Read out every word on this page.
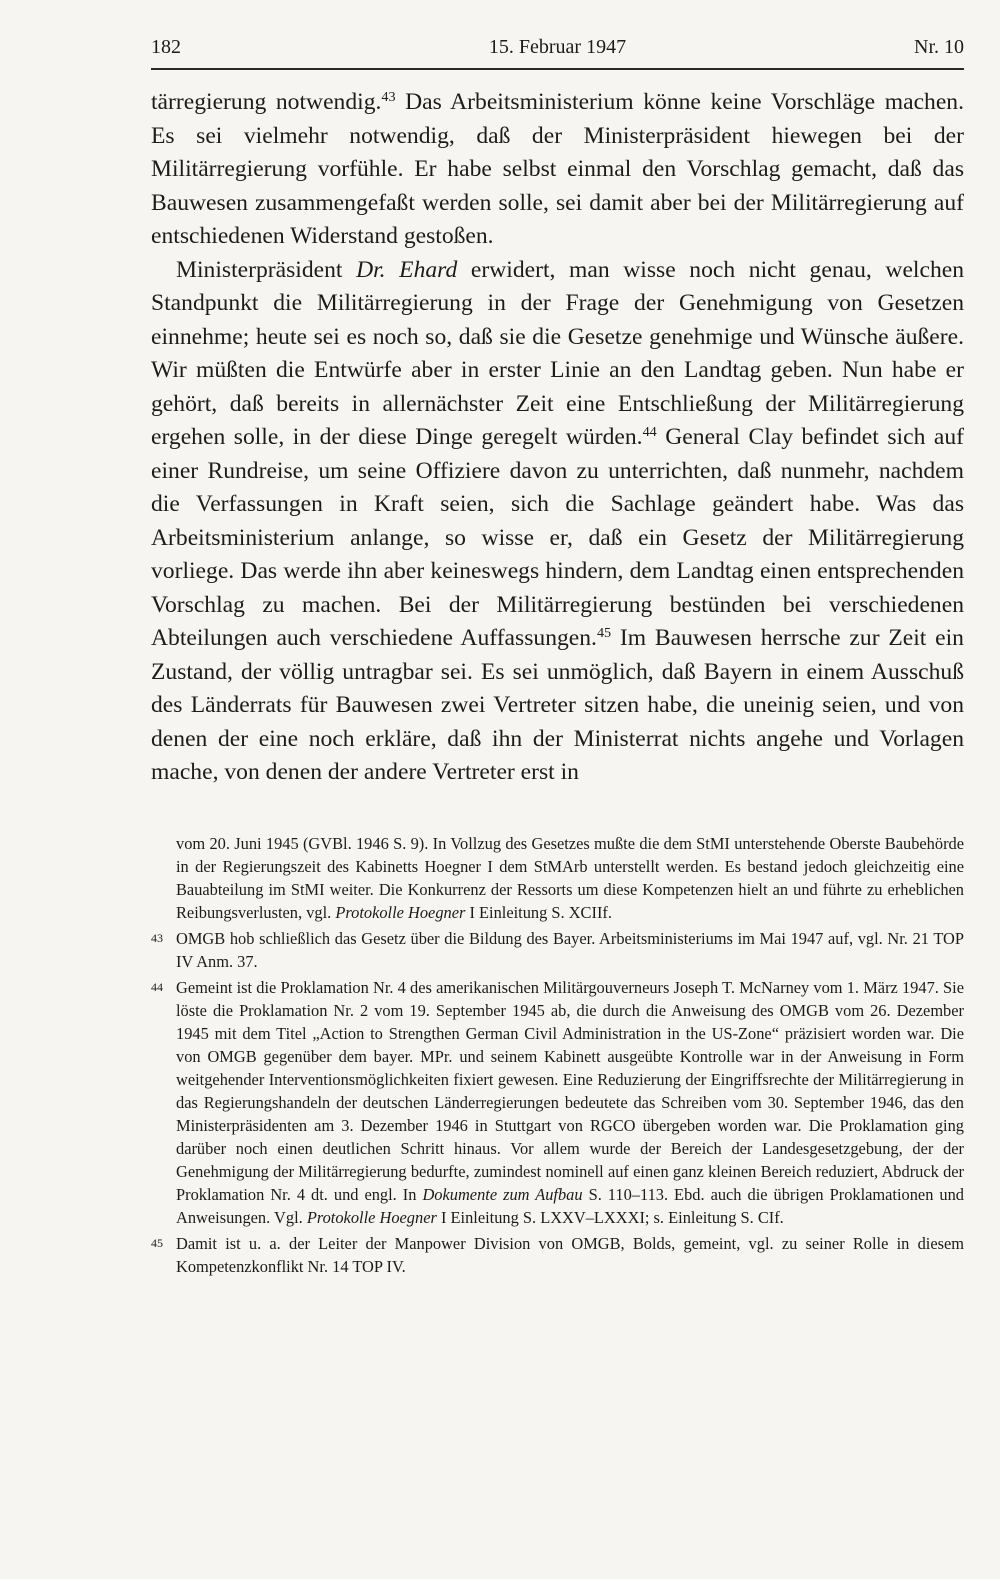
182	15. Februar 1947	Nr. 10

tärregierung notwendig.$^{43}$ Das Arbeitsministerium könne keine Vorschläge machen. Es sei vielmehr notwendig, daß der Ministerpräsident hiewegen bei der Militärregierung vorfühle. Er habe selbst einmal den Vorschlag gemacht, daß das Bauwesen zusammengefaßt werden solle, sei damit aber bei der Militärregierung auf entschiedenen Widerstand gestoßen.

Ministerpräsident Dr. Ehard erwidert, man wisse noch nicht genau, welchen Standpunkt die Militärregierung in der Frage der Genehmigung von Gesetzen einnehme; heute sei es noch so, daß sie die Gesetze genehmige und Wünsche äußere. Wir müßten die Entwürfe aber in erster Linie an den Landtag geben. Nun habe er gehört, daß bereits in allernächster Zeit eine Entschließung der Militärregierung ergehen solle, in der diese Dinge geregelt würden.$^{44}$ General Clay befindet sich auf einer Rundreise, um seine Offiziere davon zu unterrichten, daß nunmehr, nachdem die Verfassungen in Kraft seien, sich die Sachlage geändert habe. Was das Arbeitsministerium anlange, so wisse er, daß ein Gesetz der Militärregierung vorliege. Das werde ihn aber keineswegs hindern, dem Landtag einen entsprechenden Vorschlag zu machen. Bei der Militärregierung bestünden bei verschiedenen Abteilungen auch verschiedene Auffassungen.$^{45}$ Im Bauwesen herrsche zur Zeit ein Zustand, der völlig untragbar sei. Es sei unmöglich, daß Bayern in einem Ausschuß des Länderrats für Bauwesen zwei Vertreter sitzen habe, die uneinig seien, und von denen der eine noch erkläre, daß ihn der Ministerrat nichts angehe und Vorlagen mache, von denen der andere Vertreter erst in

vom 20. Juni 1945 (GVBl. 1946 S. 9). In Vollzug des Gesetzes mußte die dem StMI unterstehende Oberste Baubehörde in der Regierungszeit des Kabinetts Hoegner I dem StMArb unterstellt werden. Es bestand jedoch gleichzeitig eine Bauabteilung im StMI weiter. Die Konkurrenz der Ressorts um diese Kompetenzen hielt an und führte zu erheblichen Reibungsverlusten, vgl. Protokolle Hoegner I Einleitung S. XCIIf.
43 OMGB hob schließlich das Gesetz über die Bildung des Bayer. Arbeitsministeriums im Mai 1947 auf, vgl. Nr. 21 TOP IV Anm. 37.
44 Gemeint ist die Proklamation Nr. 4 des amerikanischen Militärgouverneurs Joseph T. McNarney vom 1. März 1947. Sie löste die Proklamation Nr. 2 vom 19. September 1945 ab, die durch die Anweisung des OMGB vom 26. Dezember 1945 mit dem Titel „Action to Strengthen German Civil Administration in the US-Zone“ präzisiert worden war. Die von OMGB gegenüber dem bayer. MPr. und seinem Kabinett ausgeübte Kontrolle war in der Anweisung in Form weitgehender Interventionsmöglichkeiten fixiert gewesen. Eine Reduzierung der Eingriffsrechte der Militärregierung in das Regierungshandeln der deutschen Länderregierungen bedeutete das Schreiben vom 30. September 1946, das den Ministerpräsidenten am 3. Dezember 1946 in Stuttgart von RGCO übergeben worden war. Die Proklamation ging darüber noch einen deutlichen Schritt hinaus. Vor allem wurde der Bereich der Landesgesetzgebung, der der Genehmigung der Militärregierung bedurfte, zumindest nominell auf einen ganz kleinen Bereich reduziert, Abdruck der Proklamation Nr. 4 dt. und engl. In Dokumente zum Aufbau S. 110–113. Ebd. auch die übrigen Proklamationen und Anweisungen. Vgl. Protokolle Hoegner I Einleitung S. LXXV–LXXXI; s. Einleitung S. CIf.
45 Damit ist u. a. der Leiter der Manpower Division von OMGB, Bolds, gemeint, vgl. zu seiner Rolle in diesem Kompetenzkonflikt Nr. 14 TOP IV.
